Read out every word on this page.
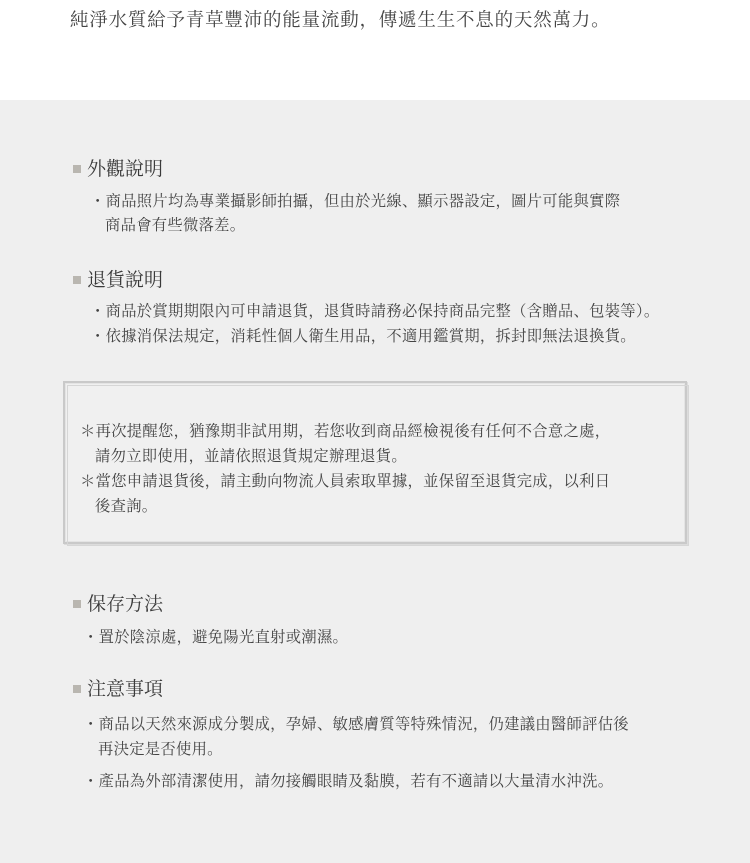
純淨水質給予青草豐沛的能量流動，傳遞生生不息的天然萬力。
外觀說明
・商品照片均為專業攝影師拍攝，但由於光線、顯示器設定，圖片可能與實際
商品會有些微落差。
退貨說明
・商品於賞期期限內可申請退貨，退貨時請務必保持商品完整（含贈品、包裝等）。
・依據消保法規定，消耗性個人衛生用品，不適用鑑賞期，拆封即無法退換貨。
＊再次提醒您，猶豫期非試用期，若您收到商品經檢視後有任何不合意之處，
請勿立即使用，並請依照退貨規定辦理退貨。
＊當您申請退貨後，請主動向物流人員索取單據，並保留至退貨完成，以利日
後查詢。
保存方法
・置於陰涼處，避免陽光直射或潮濕。
注意事項
・商品以天然來源成分製成，孕婦、敏感膚質等特殊情況，仍建議由醫師評估後
再決定是否使用。
・產品為外部清潔使用，請勿接觸眼睛及黏膜，若有不適請以大量清水沖洗。
